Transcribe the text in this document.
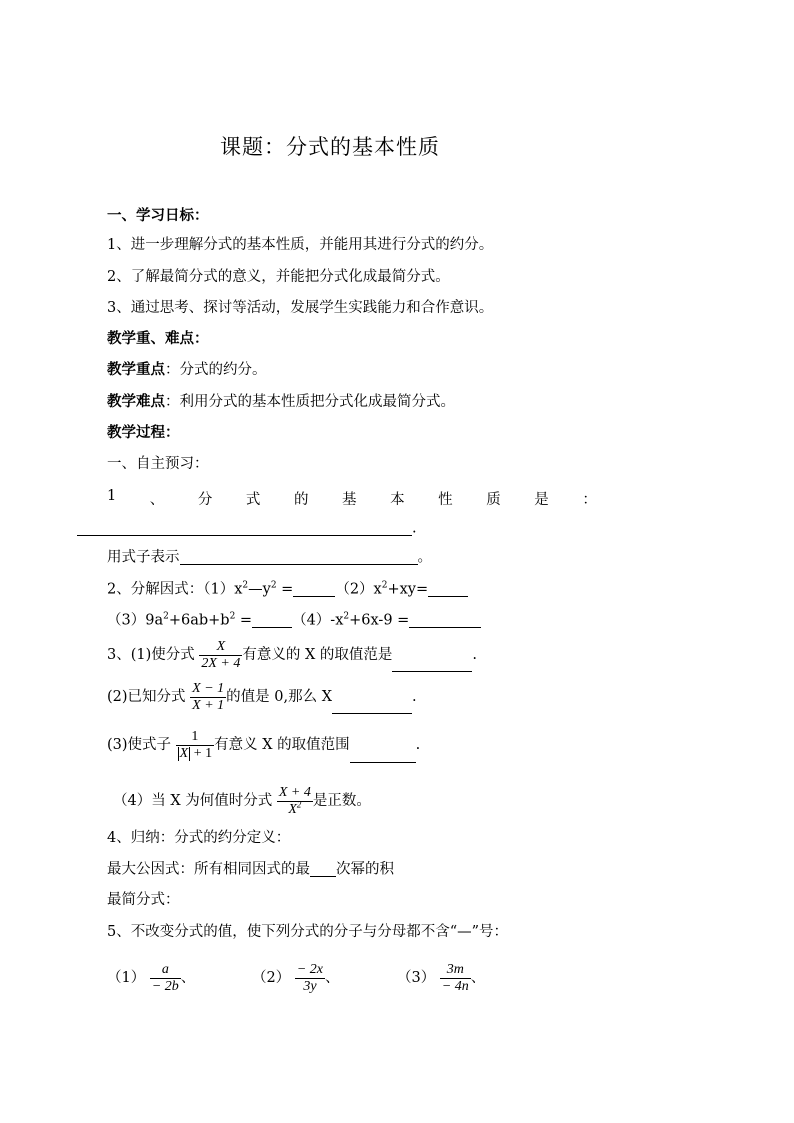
课题：分式的基本性质
一、学习日标：
1、进一步理解分式的基本性质，并能用其进行分式的约分。
2、了解最简分式的意义，并能把分式化成最简分式。
3、通过思考、探讨等活动，发展学生实践能力和合作意识。
教学重、难点：
教学重点：分式的约分。
教学难点：利用分式的基本性质把分式化成最简分式。
教学过程：
一、自主预习：
1 、 分 式 的 基 本 性 质 是 ：
.
用式子表示	。
2、分解因式：$(1)x^2—y^2$ =	$(2)x^2+xy=$
$(3)9a^2+6ab+b^2$ =	$(4)-x^2+6x-9$ =
3、(1)使分式 $\frac{X}{2X + 4}$ 有意义的 X 的取值范是	.
(2)已知分式 $\frac{X - 1}{X + 1}$ 的值是 0,那么 X	.
(3)使式子 $\frac{1}{X + 1}$ 有意义 X 的取值范围	.
（4）当 X 为何值时分式 $\frac{X + 4}{X^2}$ 是正数。
4、归纳：分式的约分定义：
最大公因式：所有相同因式的最 次幂的积
最简分式：
5、不改变分式的值，使下列分式的分子与分母都不含“—”号：
$(1) \frac{a}{- 2b}$ 、	$(2) \frac{- 2x}{3y}$ 、	$(3) \frac{3m}{- 4n}$ 、
